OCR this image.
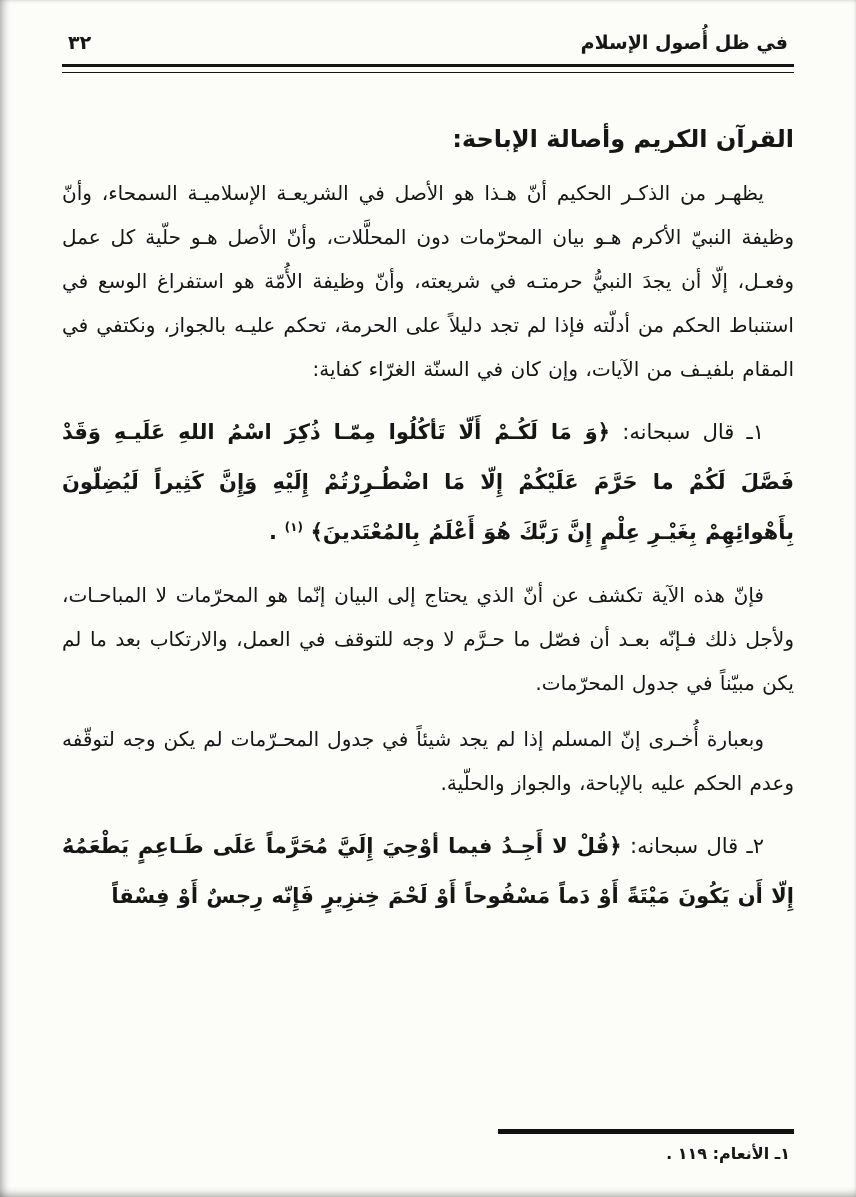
في ظل أُصول الإسلام
٣٢
القرآن الكريم وأصالة الإباحة:

يظهـر من الذكـر الحكيم أنّ هـذا هو الأصل في الشريعـة الإسلاميـة السمحاء، وأنّ وظيفة النبيّ الأكرم هـو بيان المحرّمات دون المحلَّلات، وأنّ الأصل هـو حلّية كل عمل وفعـل، إلّا أن يجدَ النبيُّ حرمتـه في شريعته، وأنّ وظيفة الأُمّة هو استفراغ الوسع في استنباط الحكم من أدلّته فإذا لم تجد دليلاً على الحرمة، تحكم عليـه بالجواز، ونكتفي في المقام بلفيـف من الآيات، وإن كان في السنّة الغرّاء كفاية:

١ـ قال سبحانه: ﴿وَ مَا لَكُـمْ أَلّا تَأكُلُوا مِمّـا ذُكِرَ اسْمُ اللهِ عَلَيـهِ وَقَدْ فَصَّلَ لَكُمْ ما حَرَّمَ عَلَيْكُمْ إِلّا مَا اضْطُـرِرْتُمْ إِلَيْهِ وَإِنَّ كَثِيراً لَيُضِلّونَ بِأَهْوائِهِمْ بِغَيْـرِ عِلْمٍ إِنَّ رَبَّكَ هُوَ أَعْلَمُ بِالمُعْتَدينَ﴾ $^{(١)}$ .

فإنّ هذه الآية تكشف عن أنّ الذي يحتاج إلى البيان إنّما هو المحرّمات لا المباحـات، ولأجل ذلك فـإنّه بعـد أن فصّل ما حـرَّم لا وجه للتوقف في العمل، والارتكاب بعد ما لم يكن مبيّناً في جدول المحرّمات.

وبعبارة أُخـرى إنّ المسلم إذا لم يجد شيئاً في جدول المحـرّمات لم يكن وجه لتوقّفه وعدم الحكم عليه بالإباحة، والجواز والحلّية.

٢ـ قال سبحانه: ﴿قُلْ لا أَجِـدُ فيما أوْحِيَ إِلَيَّ مُحَرَّماً عَلَى طَـاعِمٍ يَطْعَمُهُ إِلّا أَن يَكُونَ مَيْتَةً أَوْ دَماً مَسْفُوحاً أَوْ لَحْمَ خِنزِيرٍ فَإِنّه رِجسٌ أَوْ فِسْقاً

١ـ الأنعام: ١١٩ .
